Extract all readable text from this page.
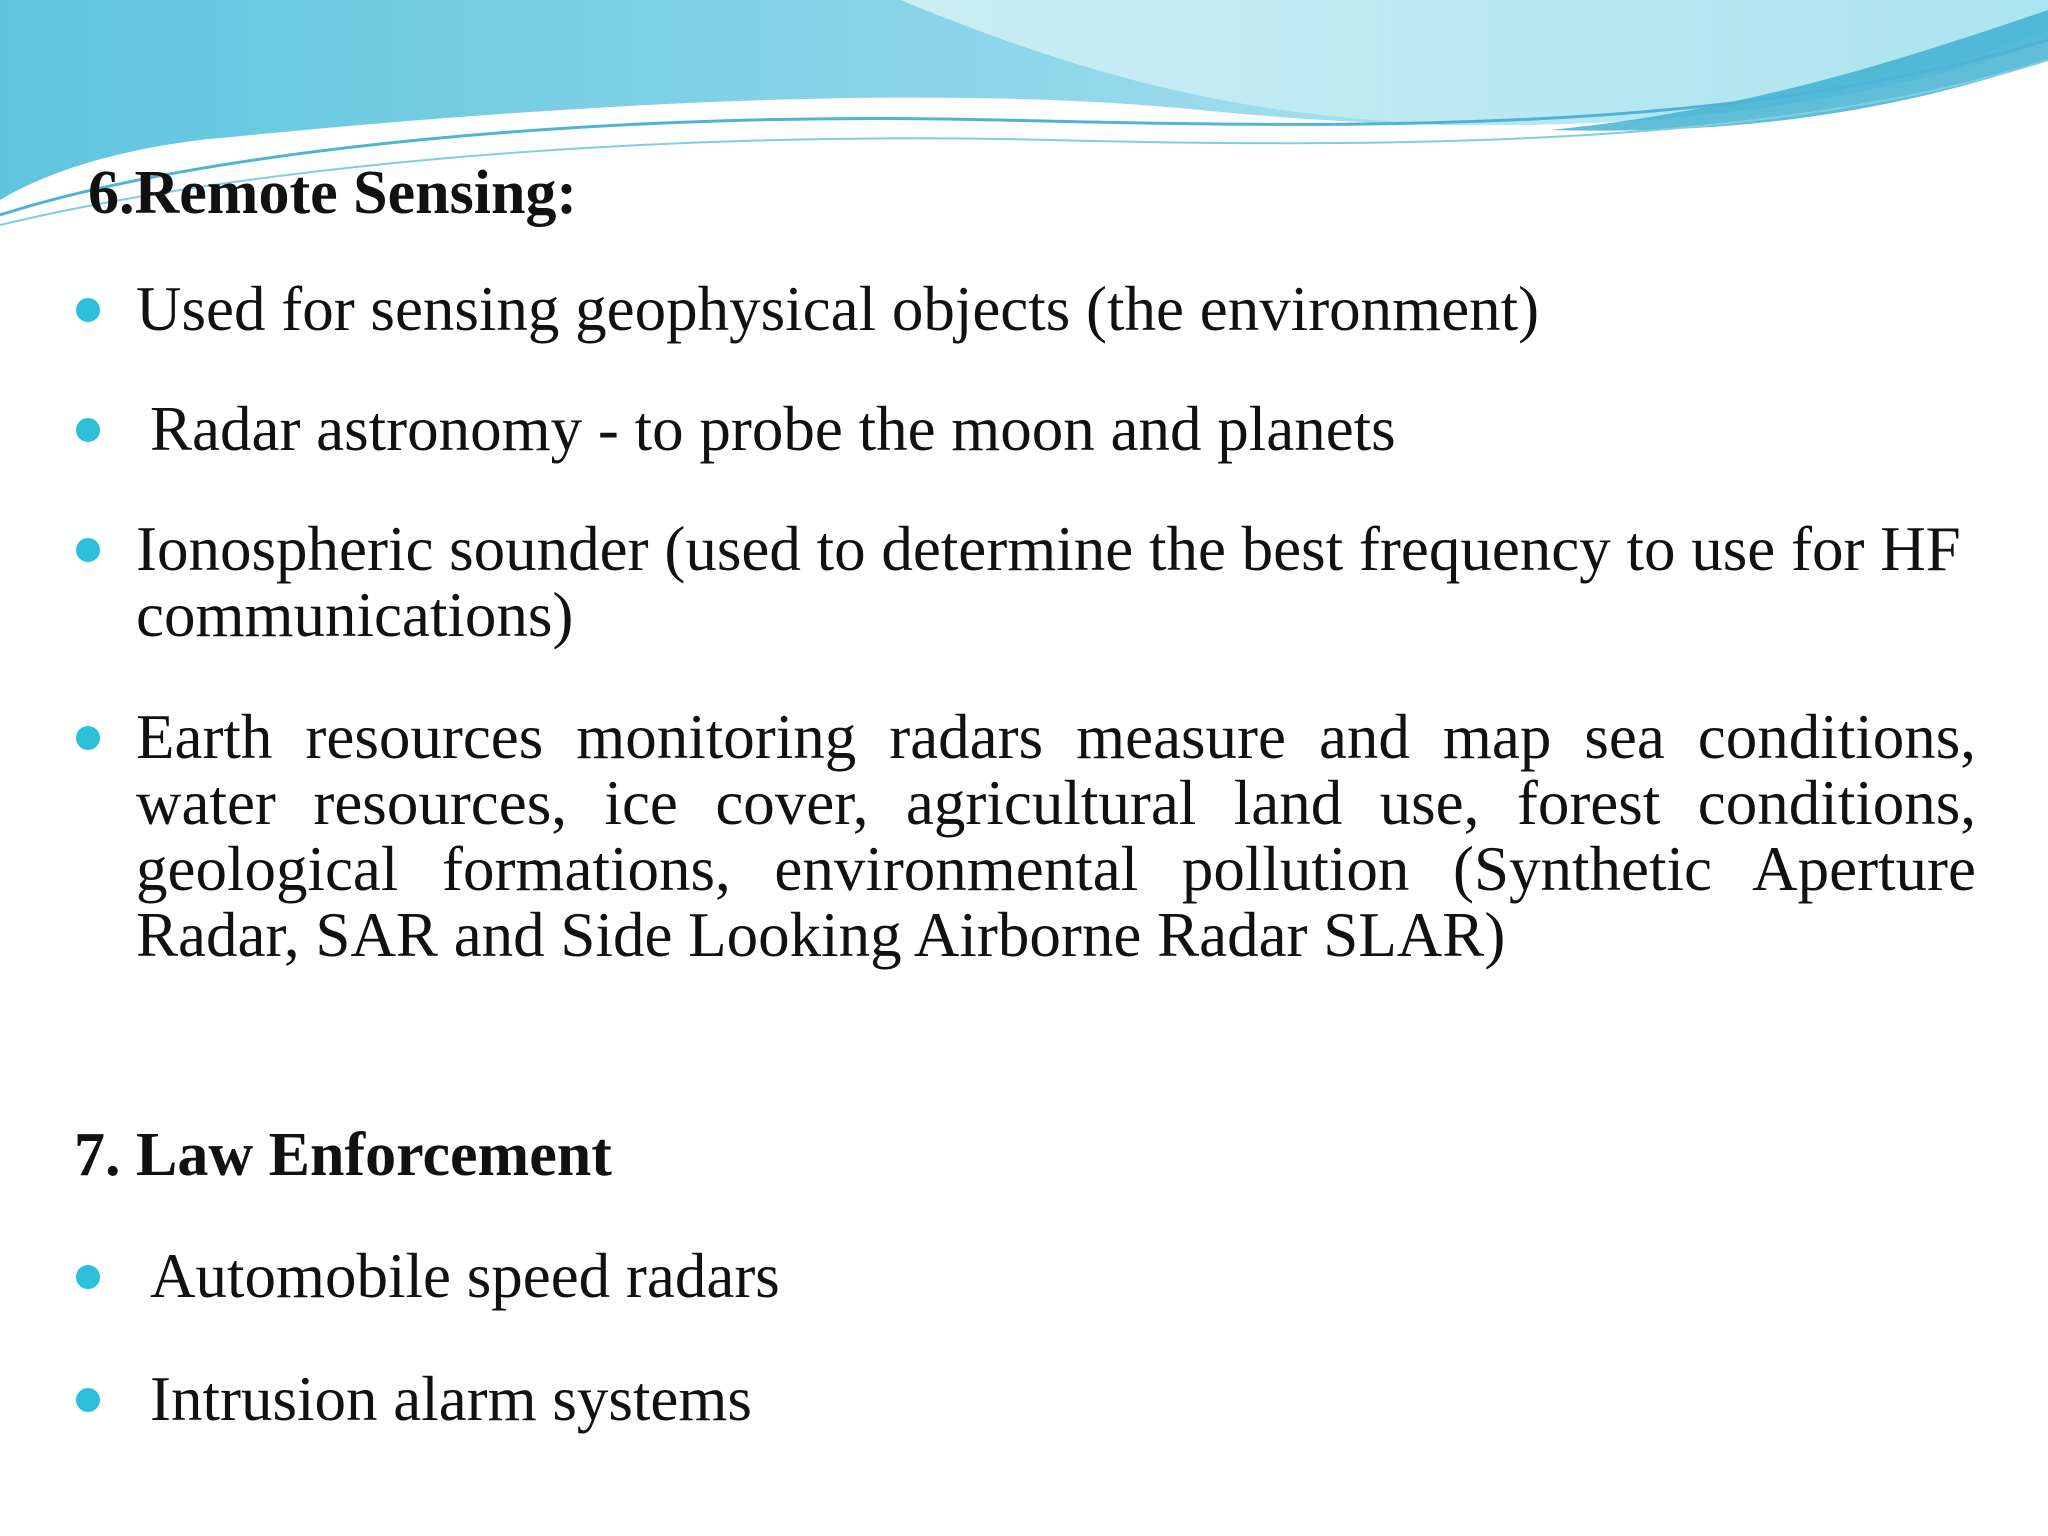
6.Remote Sensing:
Used for sensing geophysical objects (the environment)
Radar astronomy - to probe the moon and planets
Ionospheric sounder (used to determine the best frequency to use for HF communications)
Earth resources monitoring radars measure and map sea conditions, water resources, ice cover, agricultural land use, forest conditions, geological formations, environmental pollution (Synthetic Aperture Radar, SAR and Side Looking Airborne Radar SLAR)
7. Law Enforcement
Automobile speed radars
Intrusion alarm systems
